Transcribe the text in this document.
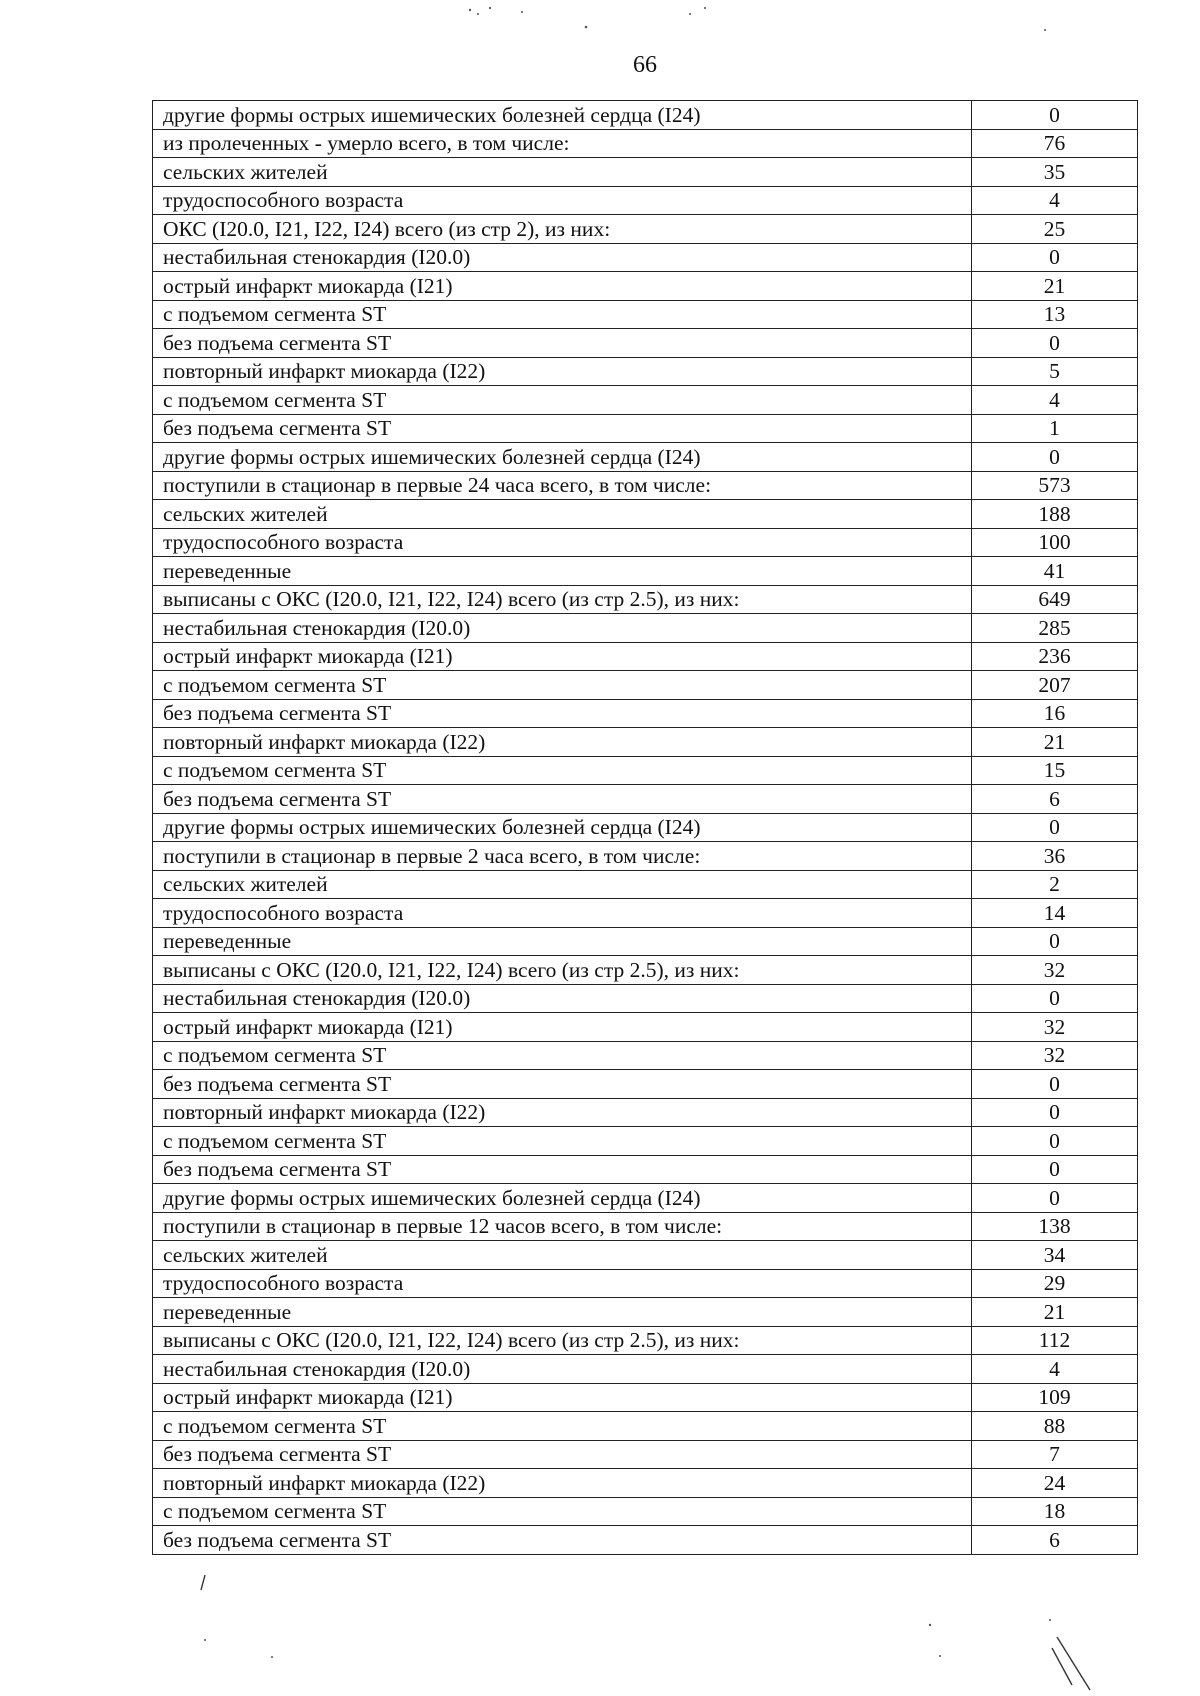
66
другие формы острых ишемических болезней сердца (I24)	0
из пролеченных - умерло всего, в том числе:	76
сельских жителей	35
трудоспособного возраста	4
ОКС (I20.0, I21, I22, I24) всего (из стр 2), из них:	25
нестабильная стенокардия (I20.0)	0
острый инфаркт миокарда (I21)	21
с подъемом сегмента ST	13
без подъема сегмента ST	0
повторный инфаркт миокарда (I22)	5
с подъемом сегмента ST	4
без подъема сегмента ST	1
другие формы острых ишемических болезней сердца (I24)	0
поступили в стационар в первые 24 часа всего, в том числе:	573
сельских жителей	188
трудоспособного возраста	100
переведенные	41
выписаны с ОКС (I20.0, I21, I22, I24) всего (из стр 2.5), из них:	649
нестабильная стенокардия (I20.0)	285
острый инфаркт миокарда (I21)	236
с подъемом сегмента ST	207
без подъема сегмента ST	16
повторный инфаркт миокарда (I22)	21
с подъемом сегмента ST	15
без подъема сегмента ST	6
другие формы острых ишемических болезней сердца (I24)	0
поступили в стационар в первые 2 часа всего, в том числе:	36
сельских жителей	2
трудоспособного возраста	14
переведенные	0
выписаны с ОКС (I20.0, I21, I22, I24) всего (из стр 2.5), из них:	32
нестабильная стенокардия (I20.0)	0
острый инфаркт миокарда (I21)	32
с подъемом сегмента ST	32
без подъема сегмента ST	0
повторный инфаркт миокарда (I22)	0
с подъемом сегмента ST	0
без подъема сегмента ST	0
другие формы острых ишемических болезней сердца (I24)	0
поступили в стационар в первые 12 часов всего, в том числе:	138
сельских жителей	34
трудоспособного возраста	29
переведенные	21
выписаны с ОКС (I20.0, I21, I22, I24) всего (из стр 2.5), из них:	112
нестабильная стенокардия (I20.0)	4
острый инфаркт миокарда (I21)	109
с подъемом сегмента ST	88
без подъема сегмента ST	7
повторный инфаркт миокарда (I22)	24
с подъемом сегмента ST	18
без подъема сегмента ST	6
